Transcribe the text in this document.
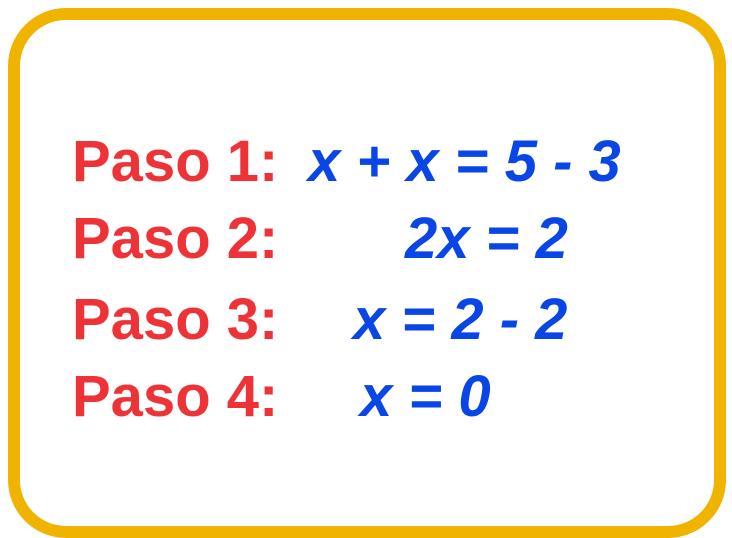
Paso 1: x + x = 5 - 3
Paso 2: 2x = 2
Paso 3: x = 2 - 2
Paso 4: x = 0
